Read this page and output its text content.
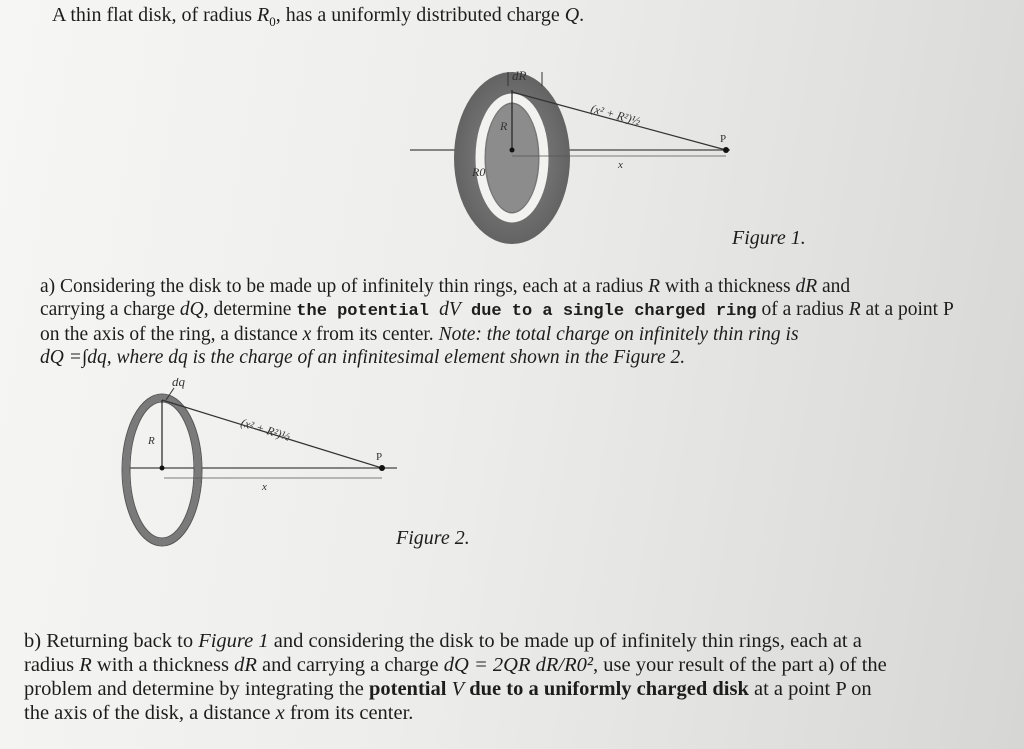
A thin flat disk, of radius $R_0$, has a uniformly distributed charge Q.
dR
R
R0
(x² + R²)½
P
x
Figure 1.
a) Considering the disk to be made up of infinitely thin rings, each at a radius R with a thickness dR and
carrying a charge dQ, determine the potential dV due to a single charged ring of a radius R at a point P
on the axis of the ring, a distance x from its center. Note: the total charge on infinitely thin ring is
dQ =∫dq, where dq is the charge of an infinitesimal element shown in the Figure 2.
dq
R	(x² + R²)½
P
x
Figure 2.
b) Returning back to Figure 1 and considering the disk to be made up of infinitely thin rings, each at a
radius R with a thickness dR and carrying a charge dQ = 2QR dR/R0², use your result of the part a) of the
problem and determine by integrating the potential V due to a uniformly charged disk at a point P on
the axis of the disk, a distance x from its center.
